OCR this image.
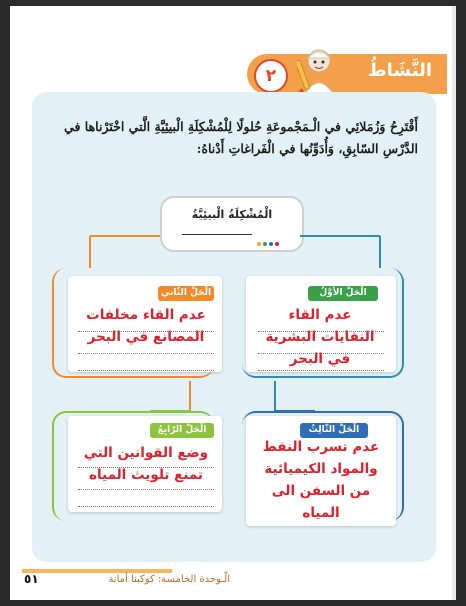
النَّشَاطُ
٢
أَقْتَرِحُ وَزُمَلائِي في الْـمَجْموعَةِ حُلولًا لِلْمُشْكِلَةِ الْبيئِيَّةِ الَّتي اخْتَرْناها في الدَّرْسِ السّابِقِ، وَأُدَوِّنُها في الْفَراغاتِ أَدْناهُ:
الْمُشْكِلَةُ الْبيئِيَّةُ
الْحَلُّ الثّاني
عدم القاء مخلفات المصانع في البحر
الْحَلُّ الأَوَّلُ
عدم القاء النفايات البشرية في البحر
الْحَلُّ الرّابِعُ
وضع القوانين التي تمنع تلويث المياه
الْحَلُّ الثّالِثُ
عدم تسرب النفط والمواد الكيميائية من السفن الى المياه
الْـوحدة الخامسة: كوكبنا أمانة
٥١
